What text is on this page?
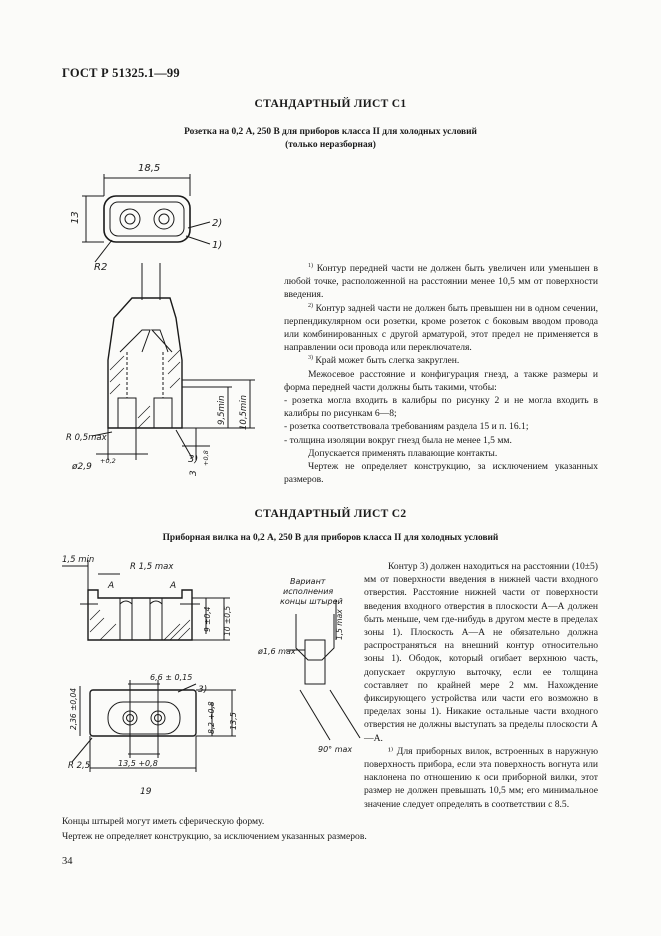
ГОСТ Р 51325.1—99
СТАНДАРТНЫЙ ЛИСТ С1
Розетка на 0,2 А, 250 В для приборов класса II для холодных условий
(только неразборная)
18,5
13
R2
2)
1)
3)
R 0,5max
ø2,9
+0,2
3
+0,8
9,5min 10,5min

$^{1)}$ Контур передней части не должен быть увеличен или уменьшен в любой точке, расположенной на расстоянии менее 10,5 мм от поверхности введения.

$^{2)}$ Контур задней части не должен быть превышен ни в одном сечении, перпендикулярном оси розетки, кроме розеток с боковым вводом провода или комбинированных с другой арматурой, этот предел не применяется в направлении оси провода или переключателя.

$^{3)}$ Край может быть слегка закруглен.

Межосевое расстояние и конфигурация гнезд, а также размеры и форма передней части должны быть такими, чтобы:

- розетка могла входить в калибры по рисунку 2 и не могла входить в калибры по рисункам 6—8;

- розетка соответствовала требованиям раздела 15 и п. 16.1;

- толщина изоляции вокруг гнезд была не менее 1,5 мм.

Допускается применять плавающие контакты.

Чертеж не определяет конструкцию, за исключением указанных размеров.

СТАНДАРТНЫЙ ЛИСТ С2
Приборная вилка на 0,2 А, 250 В для приборов класса II для холодных условий
1,5 min
R 1,5 max
A	A
9 ±0,4 10 ±0,5
Вариант
исполнения
концы штырей
ø1,6 max
1,5 max
90° max
2,36 ±0,04
6,6 ± 0,15
3)
8,2 +0,8 13,5
13,5 +0,8
R 2,5
19

Контур 3) должен находиться на расстоянии (10±5) мм от поверхности введения в нижней части входного отверстия. Расстояние нижней части от поверхности введения входного отверстия в плоскости А—А должен быть меньше, чем где-нибудь в другом месте в пределах зоны 1). Плоскость А—А не обязательно должна распространяться на внешний контур относительно зоны 1). Ободок, который огибает верхнюю часть, допускает округлую выточку, если ее толщина составляет по крайней мере 2 мм. Нахождение фиксирующего устройства или части его возможно в пределах зоны 1). Никакие остальные части входного отверстия не должны выступать за пределы плоскости А—А.

¹⁾ Для приборных вилок, встроенных в наружную поверхность прибора, если эта поверхность вогнута или наклонена по отношению к оси приборной вилки, этот размер не должен превышать 10,5 мм; его минимальное значение следует определять в соответствии с 8.5.

Концы штырей могут иметь сферическую форму.
Чертеж не определяет конструкцию, за исключением указанных размеров.
34
